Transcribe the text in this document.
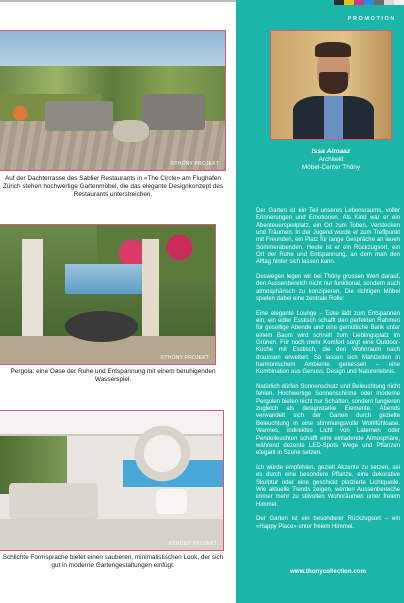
©THÖNY PROJEKT

Auf der Dachterrasse des Sablier Restaurants in «The Circle» am Flughafen Zürich stehen hochwertige Gartenmöbel, die das elegante Designkonzept des Restaurants unterstreichen.

©THÖNY PROJEKT

Pergola: eine Oase der Ruhe und Entspannung mit einem beruhigenden Wasserspiel.

©THÖNY PROJEKT

Schlichte Formsprache bietet einen sauberen, minimalistischen Look, der sich gut in moderne Gartengestaltungen einfügt.

PROMOTION
Issa Almaaz
Architekt
Möbel-Center Thöny

Der Garten ist ein Teil unseres Lebensraums, voller Erinnerungen und Emotionen. Als Kind war er ein Abenteuerspielplatz, ein Ort zum Toben, Verstecken und Träumen. In der Jugend wurde er zum Treffpunkt mit Freunden, ein Platz für lange Gespräche an lauen Sommerabenden. Heute ist er ein Rückzugsort, ein Ort der Ruhe und Entspannung, an dem man den Alltag hinter sich lassen kann.

Deswegen legen wir bei Thöny grossen Wert darauf, den Aussenbereich nicht nur funktional, sondern auch atmosphärisch zu konzipieren. Die richtigen Möbel spielen dabei eine zentrale Rolle:

Eine elegante Lounge – Ecke lädt zum Entspannen ein, ein edler Esstisch schafft den perfekten Rahmen für gesellige Abende und eine gemütliche Bank unter einem Baum wird schnell zum Lieblingsplatz im Grünen. Für noch mehr Komfort sorgt eine Outdoor-Küche mit Esstisch, die den Wohnraum nach draussen erweitert. So lassen sich Mahlzeiten in harmonischem Ambiente geniessen – eine Kombination aus Genuss, Design und Naturerlebnis.

Natürlich dürfen Sonnenschutz und Beleuchtung nicht fehlen. Hochwertige Sonnenschirme oder moderne Pergolen bieten nicht nur Schatten, sondern fungieren zugleich als designstarke Elemente. Abends verwandelt sich der Garten durch gezielte Beleuchtung in eine stimmungsvolle Wohlfühloase. Warmes, indirektes Licht von Laternen oder Pendelleuchten schafft eine einladende Atmosphäre, während dezente LED-Spots Wege und Pflanzen elegant in Szene setzen.

Ich würde empfehlen, gezielt Akzente zu setzen, sei es durch eine besondere Pflanze, eine dekorative Skulptur oder eine geschickt platzierte Lichtquelle. Wie aktuelle Trends zeigen, werden Aussenbereiche immer mehr zu stilvollen Wohnräumen unter freiem Himmel.

Der Garten ist ein besonderer Rückzugsort – ein «Happy Place» unter freiem Himmel.

www.thonycollection.com
